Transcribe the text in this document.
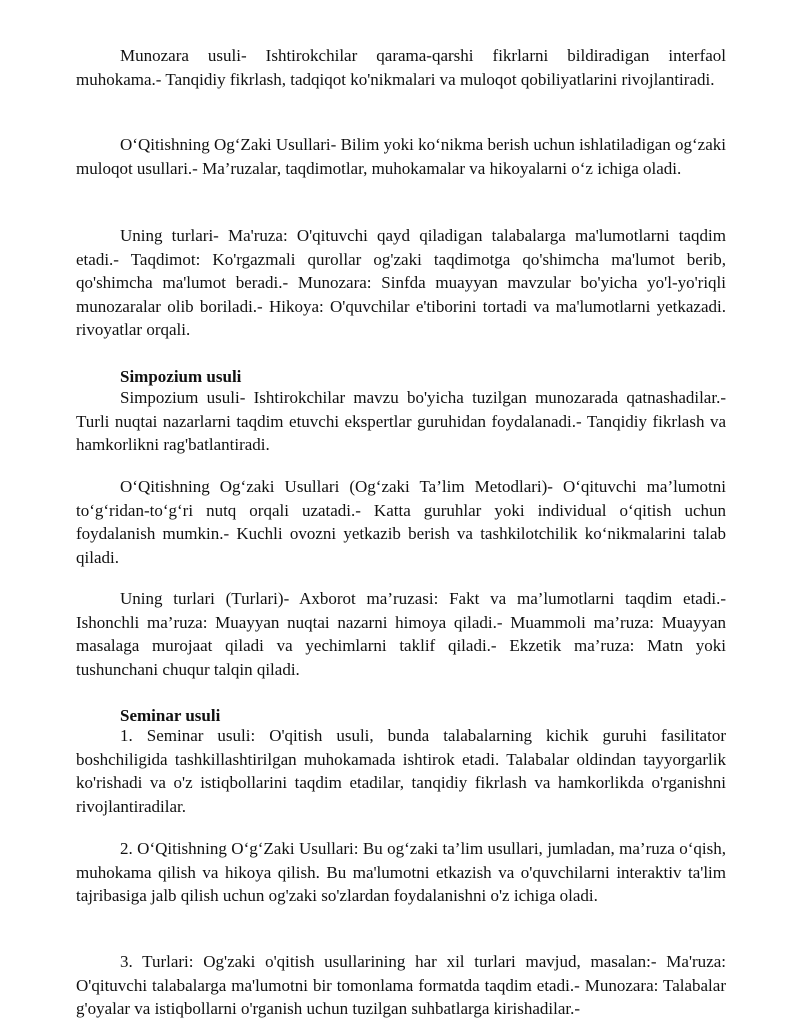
Munozara usuli- Ishtirokchilar qarama-qarshi fikrlarni bildiradigan interfaol muhokama.- Tanqidiy fikrlash, tadqiqot ko'nikmalari va muloqot qobiliyatlarini rivojlantiradi.

O‘Qitishning Og‘Zaki Usullari- Bilim yoki ko‘nikma berish uchun ishlatiladigan og‘zaki muloqot usullari.- Ma’ruzalar, taqdimotlar, muhokamalar va hikoyalarni o‘z ichiga oladi.

Uning turlari- Ma'ruza: O'qituvchi qayd qiladigan talabalarga ma'lumotlarni taqdim etadi.- Taqdimot: Ko'rgazmali qurollar og'zaki taqdimotga qo'shimcha ma'lumot berib, qo'shimcha ma'lumot beradi.- Munozara: Sinfda muayyan mavzular bo'yicha yo'l-yo'riqli munozaralar olib boriladi.- Hikoya: O'quvchilar e'tiborini tortadi va ma'lumotlarni yetkazadi. rivoyatlar orqali.

Simpozium usuli

Simpozium usuli- Ishtirokchilar mavzu bo'yicha tuzilgan munozarada qatnashadilar.- Turli nuqtai nazarlarni taqdim etuvchi ekspertlar guruhidan foydalanadi.- Tanqidiy fikrlash va hamkorlikni rag'batlantiradi.

O‘Qitishning Og‘zaki Usullari (Og‘zaki Ta’lim Metodlari)- O‘qituvchi ma’lumotni to‘g‘ridan-to‘g‘ri nutq orqali uzatadi.- Katta guruhlar yoki individual o‘qitish uchun foydalanish mumkin.- Kuchli ovozni yetkazib berish va tashkilotchilik ko‘nikmalarini talab qiladi.

Uning turlari (Turlari)- Axborot ma’ruzasi: Fakt va ma’lumotlarni taqdim etadi.- Ishonchli ma’ruza: Muayyan nuqtai nazarni himoya qiladi.- Muammoli ma’ruza: Muayyan masalaga murojaat qiladi va yechimlarni taklif qiladi.- Ekzetik ma’ruza: Matn yoki tushunchani chuqur talqin qiladi.

Seminar usuli

1. Seminar usuli: O'qitish usuli, bunda talabalarning kichik guruhi fasilitator boshchiligida tashkillashtirilgan muhokamada ishtirok etadi. Talabalar oldindan tayyorgarlik ko'rishadi va o'z istiqbollarini taqdim etadilar, tanqidiy fikrlash va hamkorlikda o'rganishni rivojlantiradilar.

2. O‘Qitishning O‘g‘Zaki Usullari: Bu og‘zaki ta’lim usullari, jumladan, ma’ruza o‘qish, muhokama qilish va hikoya qilish. Bu ma'lumotni etkazish va o'quvchilarni interaktiv ta'lim tajribasiga jalb qilish uchun og'zaki so'zlardan foydalanishni o'z ichiga oladi.

3. Turlari: Og'zaki o'qitish usullarining har xil turlari mavjud, masalan:- Ma'ruza: O'qituvchi talabalarga ma'lumotni bir tomonlama formatda taqdim etadi.- Munozara: Talabalar g'oyalar va istiqbollarni o'rganish uchun tuzilgan suhbatlarga kirishadilar.-
